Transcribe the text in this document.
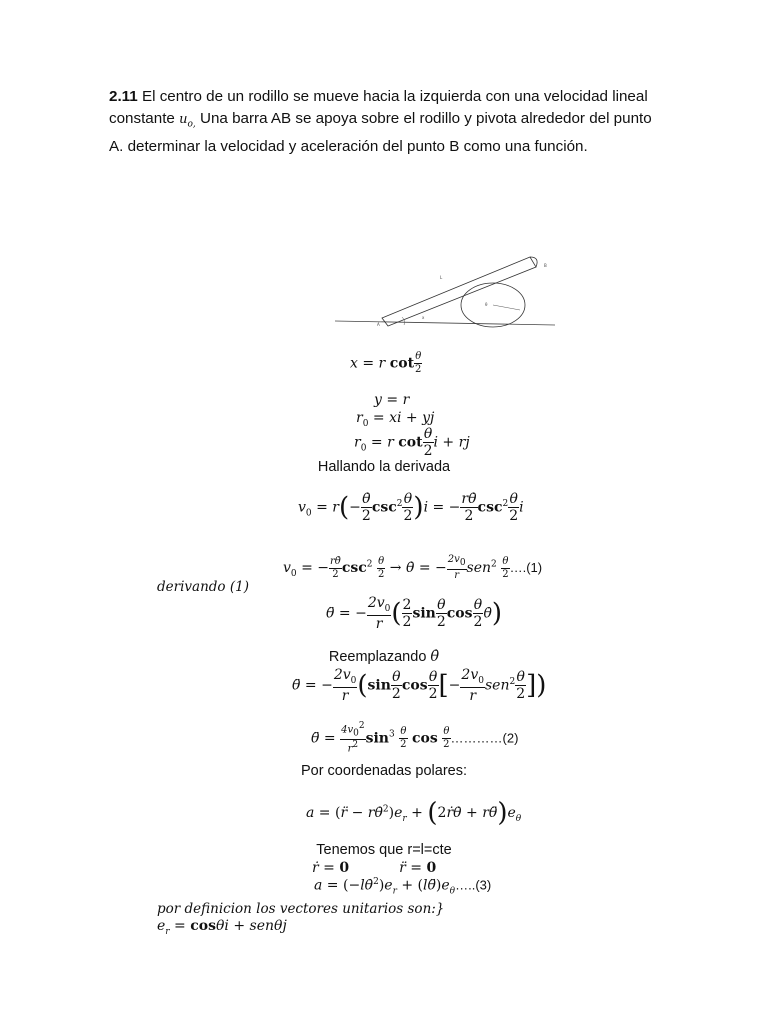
2.11 El centro de un rodillo se mueve hacia la izquierda con una velocidad lineal
constante $u_{o,}$ Una barra AB se apoya sobre el rodillo y pivota alrededor del punto
A. determinar la velocidad y aceleración del punto B como una función.
L
B
A
x
θ
x = r $\cot \frac{\theta}{2}$
y = r
$r_0$ = xi + yj
$r_0 = r$ $\cot \frac{\theta}{2}$ i + rj
Hallando la derivada
$v_0 = r(- \frac{\thetȧ}{2} \csc^2 \frac{\theta}{2} )i$ = − $\frac{r\thetȧ}{2} \csc^2 \frac{\theta}{2}$ i
$v_0$ = − $\frac{r\thetȧ}{2} \csc^2 \frac{\theta}{2}$ → θ̇ = − $\frac{2v0}{r} sen^2 \frac{\theta}{2}$ ….(1)
derivando (1)
θ̈ = − $\frac{2v_0}{r}$ ( $\frac{2}{2}$ $\sin \frac{\theta}{2}$ $\cos \frac{\theta}{2}$ θ̇)
Reemplazando θ̇
θ̈ = − $\frac{2v_0}{r} (\sin \frac{\theta}{2}$ $\cos \frac{\theta}{2}$ [− $\frac{2v_0}{r} sen^2 \frac{\theta}{2}$ ])
θ̈ = $\frac{4v02}{r2} \sin^3 \frac{\theta}{2}$ $\cos \frac{\theta}{2}$ …………(2)
Por coordenadas polares:
a = (r̈ − $r\thetȧ^2)e_r$ + (2ṙθ̇ + $r\thetä)e_\theta$
Tenemos que r=l=cte
ṙ = 0	r̈ = 0
$a = (-l\thetȧ^2)e_r$ + $(l\thetä)e_\theta\dots..(3)$
por definicion los vectores unitarios son:}
$e_r = \cos\theta i + sen\theta j$
